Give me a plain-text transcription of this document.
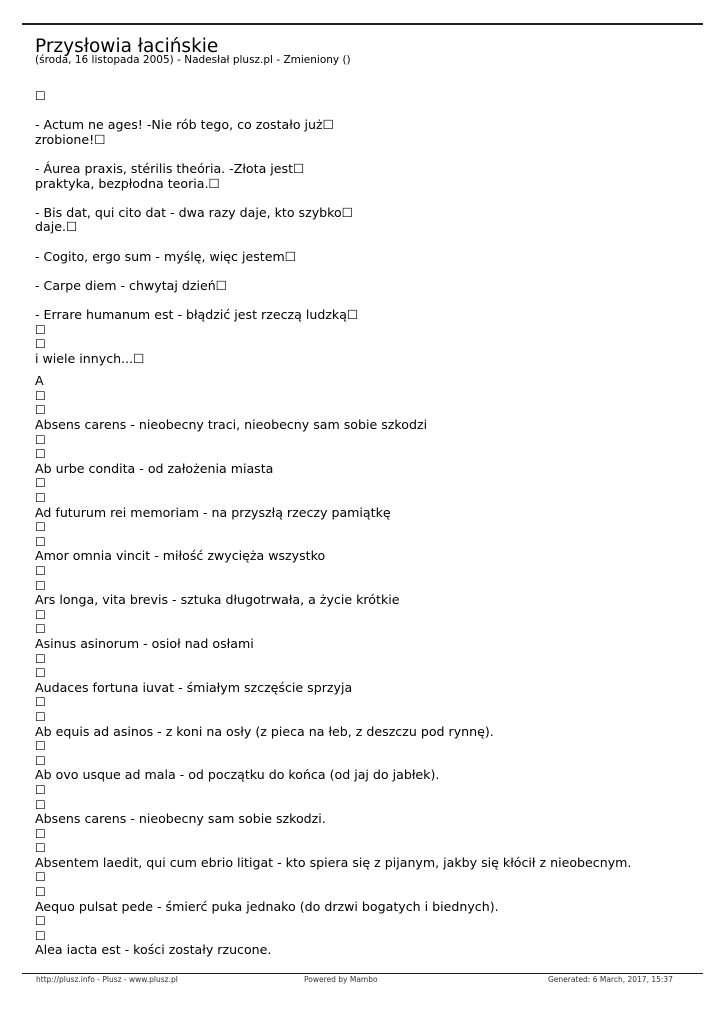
Przysłowia łacińskie
(środa, 16 listopada 2005) - Nadesłał plusz.pl - Zmieniony ()
☐
- Actum ne ages! -Nie rób tego, co zostało już☐
zrobione!☐
- Áurea praxis, stérilis theória. -Złota jest☐
praktyka, bezpłodna teoria.☐
- Bis dat, qui cito dat - dwa razy daje, kto szybko☐
daje.☐
- Cogito, ergo sum - myślę, więc jestem☐
- Carpe diem - chwytaj dzień☐
- Errare humanum est - błądzić jest rzeczą ludzką☐
☐
☐
i wiele innych...☐
A
☐
☐
Absens carens - nieobecny traci, nieobecny sam sobie szkodzi
☐
☐
Ab urbe condita - od założenia miasta
☐
☐
Ad futurum rei memoriam - na przyszłą rzeczy pamiątkę
☐
☐
Amor omnia vincit - miłość zwycięża wszystko
☐
☐
Ars longa, vita brevis - sztuka długotrwała, a życie krótkie
☐
☐
Asinus asinorum - osioł nad osłami
☐
☐
Audaces fortuna iuvat - śmiałym szczęście sprzyja
☐
☐
Ab equis ad asinos - z koni na osły (z pieca na łeb, z deszczu pod rynnę).
☐
☐
Ab ovo usque ad mala - od początku do końca (od jaj do jabłek).
☐
☐
Absens carens - nieobecny sam sobie szkodzi.
☐
☐
Absentem laedit, qui cum ebrio litigat - kto spiera się z pijanym, jakby się kłócił z nieobecnym.
☐
☐
Aequo pulsat pede - śmierć puka jednako (do drzwi bogatych i biednych).
☐
☐
Alea iacta est - kości zostały rzucone.
http://plusz.info - Plusz - www.plusz.pl	Powered by Mambo	Generated: 6 March, 2017, 15:37
